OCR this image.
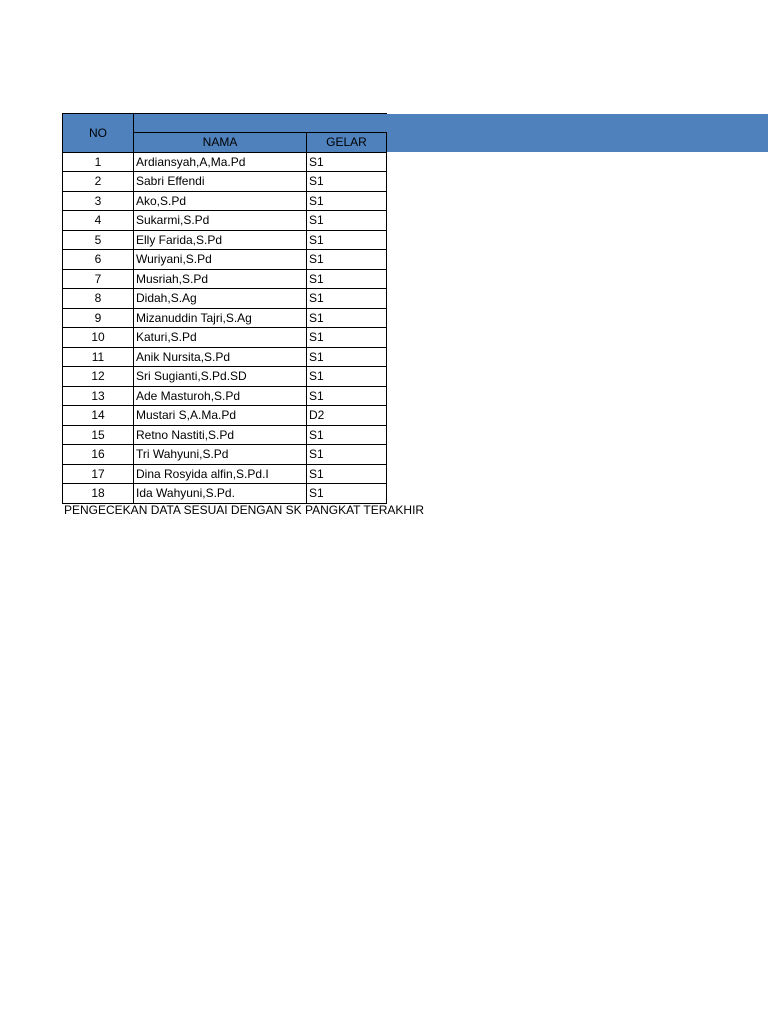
NO		
	NAMA	GELAR
1	Ardiansyah,A,Ma.Pd	S1
2	Sabri Effendi	S1
3	Ako,S.Pd	S1
4	Sukarmi,S.Pd	S1
5	Elly Farida,S.Pd	S1
6	Wuriyani,S.Pd	S1
7	Musriah,S.Pd	S1
8	Didah,S.Ag	S1
9	Mizanuddin Tajri,S.Ag	S1
10	Katuri,S.Pd	S1
11	Anik Nursita,S.Pd	S1
12	Sri Sugianti,S.Pd.SD	S1
13	Ade Masturoh,S.Pd	S1
14	Mustari S,A.Ma.Pd	D2
15	Retno Nastiti,S.Pd	S1
16	Tri Wahyuni,S.Pd	S1
17	Dina Rosyida alfin,S.Pd.I	S1
18	Ida Wahyuni,S.Pd.	S1
PENGECEKAN DATA SESUAI DENGAN SK PANGKAT TERAKHIR
